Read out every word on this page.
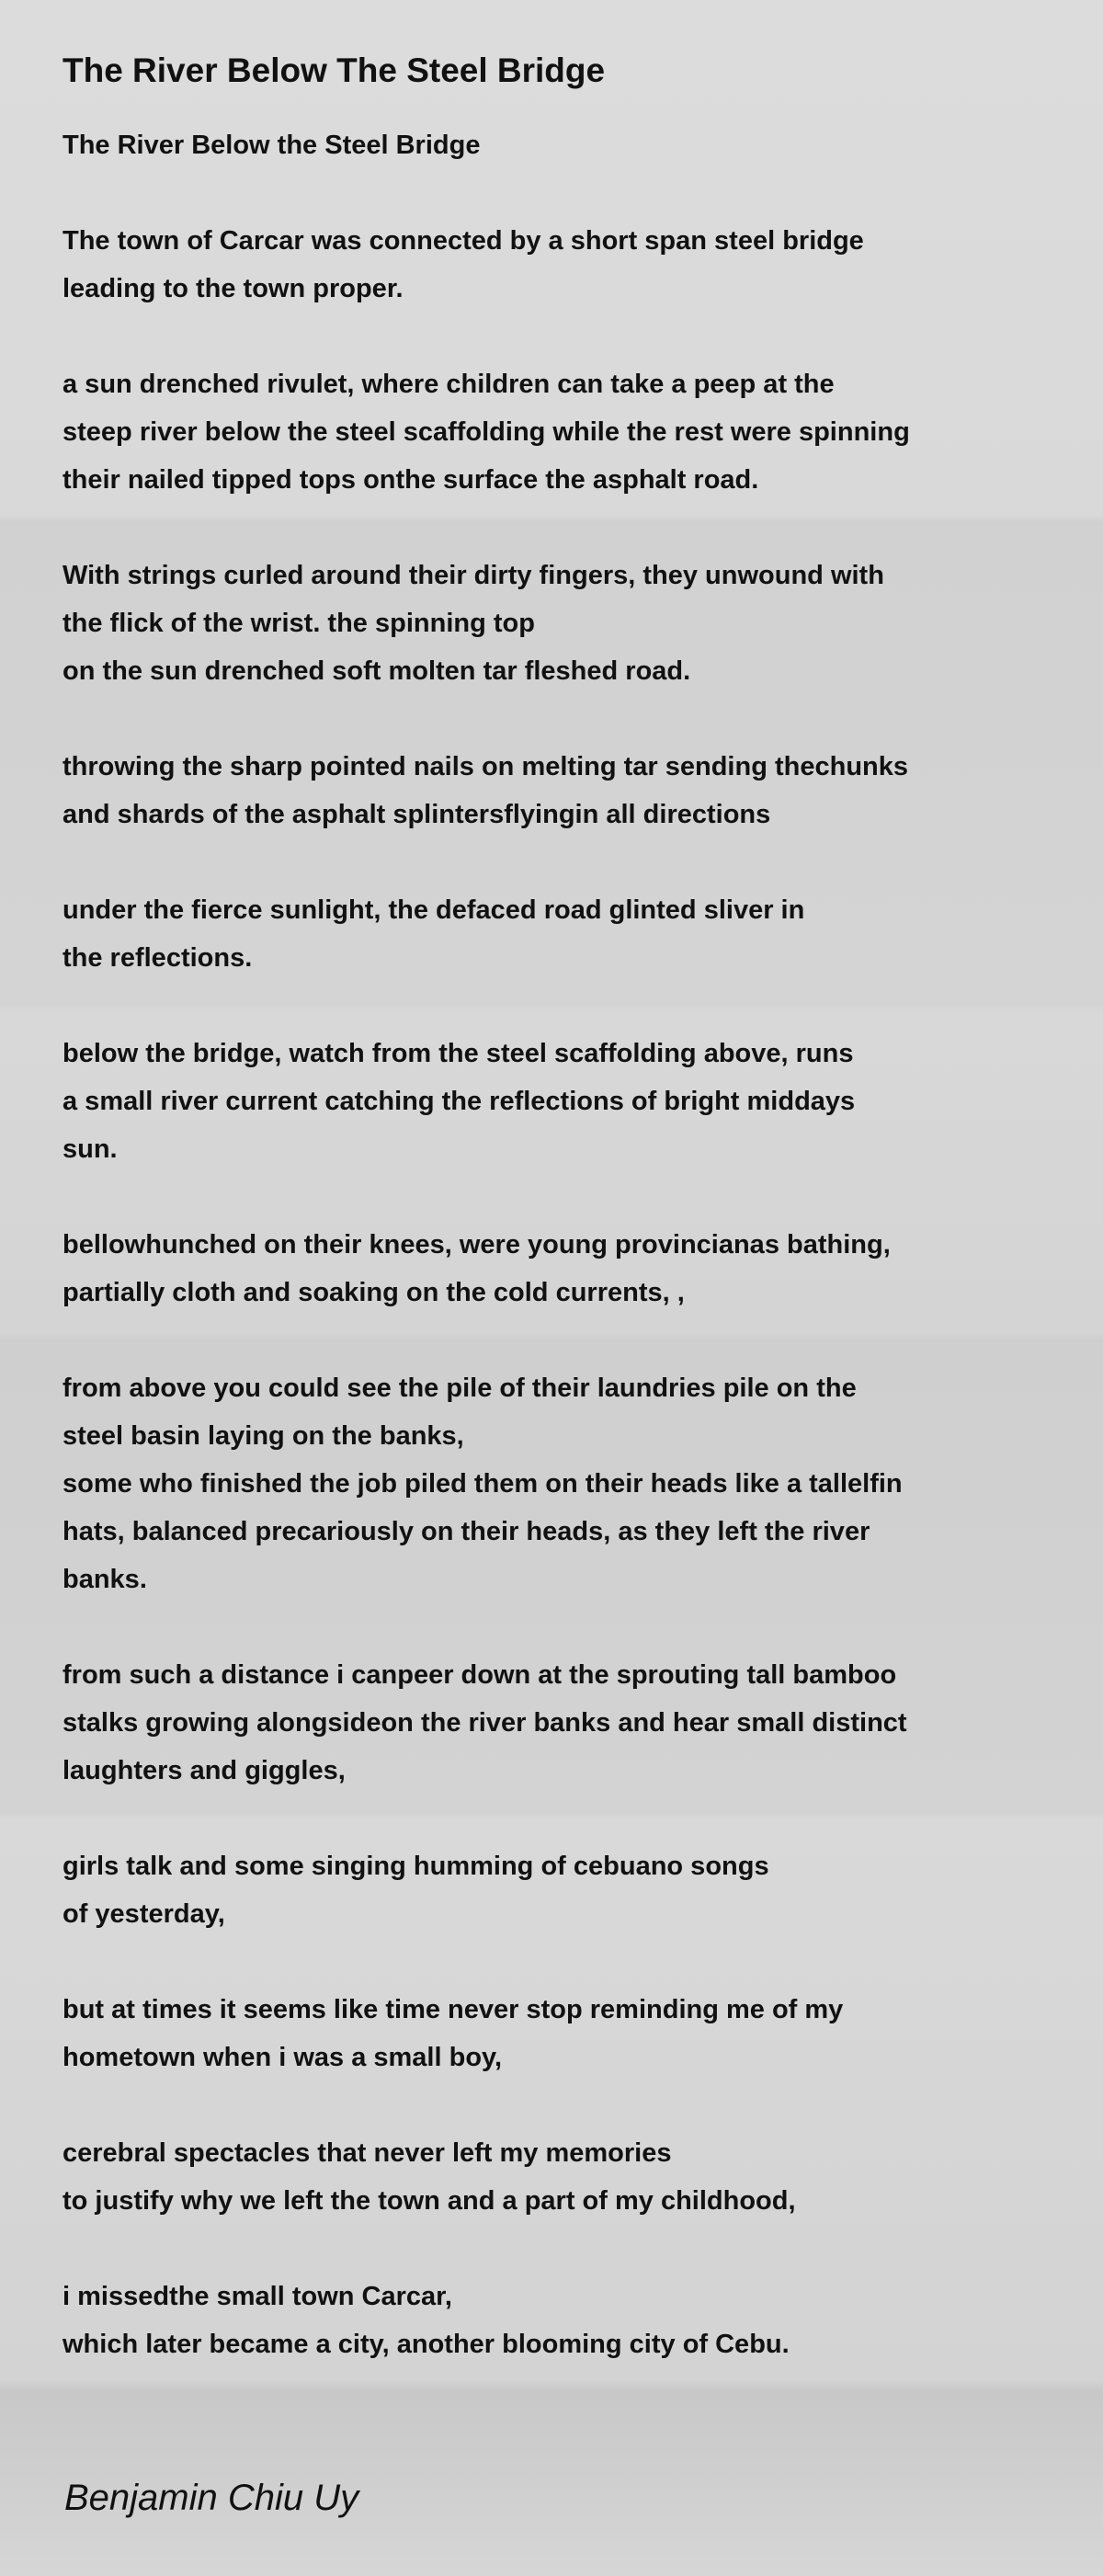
The River Below The Steel Bridge
The River Below the Steel Bridge

The town of Carcar was connected by a short span steel bridge
leading to the town proper.

a sun drenched rivulet, where children can take a peep at the
steep river below the steel scaffolding while the rest were spinning
their nailed tipped tops onthe surface the asphalt road.

With strings curled around their dirty fingers, they unwound with
the flick of the wrist. the spinning top
on the sun drenched soft molten tar fleshed road.

throwing the sharp pointed nails on melting tar sending thechunks
and shards of the asphalt splintersflyingin all directions

under the fierce sunlight, the defaced road glinted sliver in
the reflections.

below the bridge, watch from the steel scaffolding above, runs
a small river current catching the reflections of bright middays
sun.

bellowhunched on their knees, were young provincianas bathing,
partially cloth and soaking on the cold currents, ,

from above you could see the pile of their laundries pile on the
steel basin laying on the banks,
some who finished the job piled them on their heads like a tallelfin
hats, balanced precariously on their heads, as they left the river
banks.

from such a distance i canpeer down at the sprouting tall bamboo
stalks growing alongsideon the river banks and hear small distinct
laughters and giggles,

girls talk and some singing humming of cebuano songs
of yesterday,

but at times it seems like time never stop reminding me of my
hometown when i was a small boy,

cerebral spectacles that never left my memories
to justify why we left the town and a part of my childhood,

i missedthe small town Carcar,
which later became a city, another blooming city of Cebu.

Benjamin Chiu Uy
